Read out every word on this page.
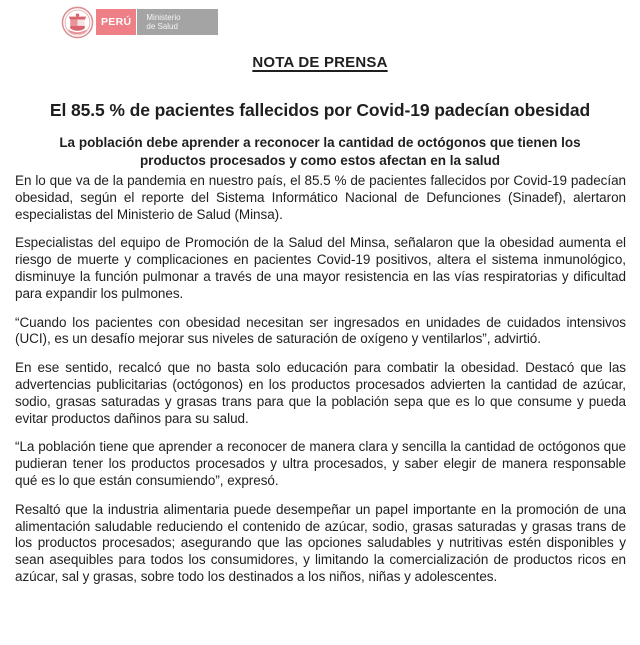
PERÚ	Ministerio
de Salud
NOTA DE PRENSA
El 85.5 % de pacientes fallecidos por Covid-19 padecían obesidad
La población debe aprender a reconocer la cantidad de octógonos que tienen los productos procesados y como estos afectan en la salud

En lo que va de la pandemia en nuestro país, el 85.5 % de pacientes fallecidos por Covid-19 padecían obesidad, según el reporte del Sistema Informático Nacional de Defunciones (Sinadef), alertaron especialistas del Ministerio de Salud (Minsa).

Especialistas del equipo de Promoción de la Salud del Minsa, señalaron que la obesidad aumenta el riesgo de muerte y complicaciones en pacientes Covid-19 positivos, altera el sistema inmunológico, disminuye la función pulmonar a través de una mayor resistencia en las vías respiratorias y dificultad para expandir los pulmones.

“Cuando los pacientes con obesidad necesitan ser ingresados en unidades de cuidados intensivos (UCI), es un desafío mejorar sus niveles de saturación de oxígeno y ventilarlos”, advirtió.

En ese sentido, recalcó que no basta solo educación para combatir la obesidad. Destacó que las advertencias publicitarias (octógonos) en los productos procesados advierten la cantidad de azúcar, sodio, grasas saturadas y grasas trans para que la población sepa que es lo que consume y pueda evitar productos dañinos para su salud.

“La población tiene que aprender a reconocer de manera clara y sencilla la cantidad de octógonos que pudieran tener los productos procesados y ultra procesados, y saber elegir de manera responsable qué es lo que están consumiendo”, expresó.

Resaltó que la industria alimentaria puede desempeñar un papel importante en la promoción de una alimentación saludable reduciendo el contenido de azúcar, sodio, grasas saturadas y grasas trans de los productos procesados; asegurando que las opciones saludables y nutritivas estén disponibles y sean asequibles para todos los consumidores, y limitando la comercialización de productos ricos en azúcar, sal y grasas, sobre todo los destinados a los niños, niñas y adolescentes.
